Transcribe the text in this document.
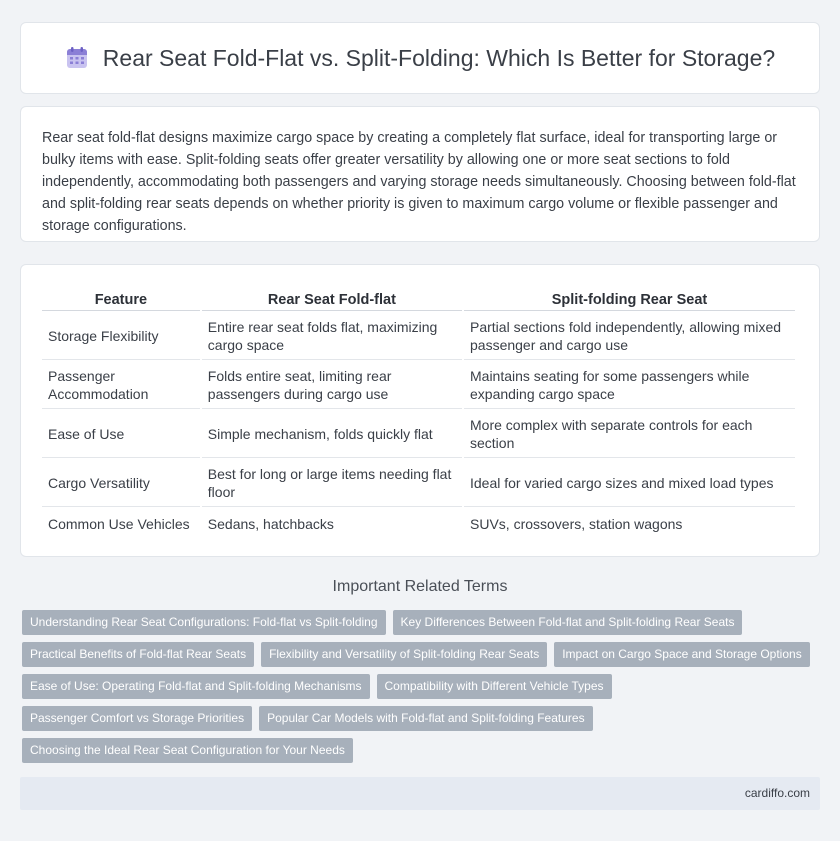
Rear Seat Fold-Flat vs. Split-Folding: Which Is Better for Storage?

Rear seat fold-flat designs maximize cargo space by creating a completely flat surface, ideal for transporting large or bulky items with ease. Split-folding seats offer greater versatility by allowing one or more seat sections to fold independently, accommodating both passengers and varying storage needs simultaneously. Choosing between fold-flat and split-folding rear seats depends on whether priority is given to maximum cargo volume or flexible passenger and storage configurations.

Feature	Rear Seat Fold-flat	Split-folding Rear Seat
Storage Flexibility	Entire rear seat folds flat, maximizing cargo space	Partial sections fold independently, allowing mixed passenger and cargo use
Passenger Accommodation	Folds entire seat, limiting rear passengers during cargo use	Maintains seating for some passengers while expanding cargo space
Ease of Use	Simple mechanism, folds quickly flat	More complex with separate controls for each section
Cargo Versatility	Best for long or large items needing flat floor	Ideal for varied cargo sizes and mixed load types
Common Use Vehicles	Sedans, hatchbacks	SUVs, crossovers, station wagons
Important Related Terms
Understanding Rear Seat Configurations: Fold-flat vs Split-folding	Key Differences Between Fold-flat and Split-folding Rear Seats
Practical Benefits of Fold-flat Rear Seats	Flexibility and Versatility of Split-folding Rear Seats	Impact on Cargo Space and Storage Options
Ease of Use: Operating Fold-flat and Split-folding Mechanisms	Compatibility with Different Vehicle Types
Passenger Comfort vs Storage Priorities	Popular Car Models with Fold-flat and Split-folding Features
Choosing the Ideal Rear Seat Configuration for Your Needs
cardiffo.com
